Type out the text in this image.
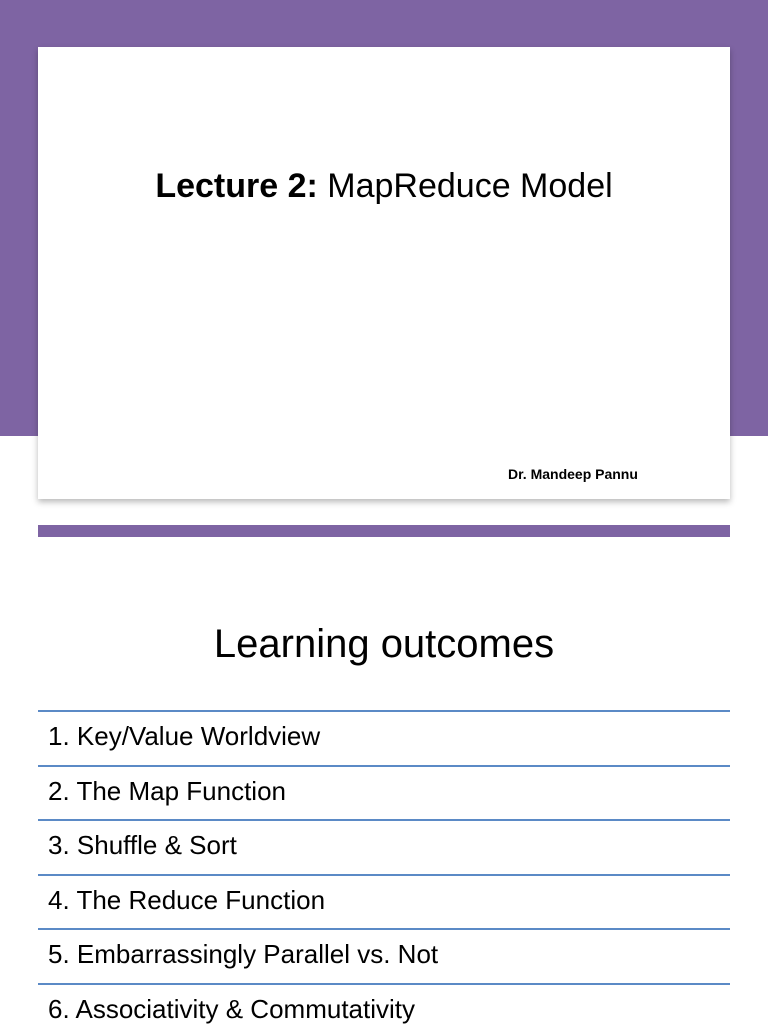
Lecture 2: MapReduce Model
Dr. Mandeep Pannu
Learning outcomes
1. Key/Value Worldview
2. The Map Function
3. Shuffle & Sort
4. The Reduce Function
5. Embarrassingly Parallel vs. Not
6. Associativity & Commutativity
